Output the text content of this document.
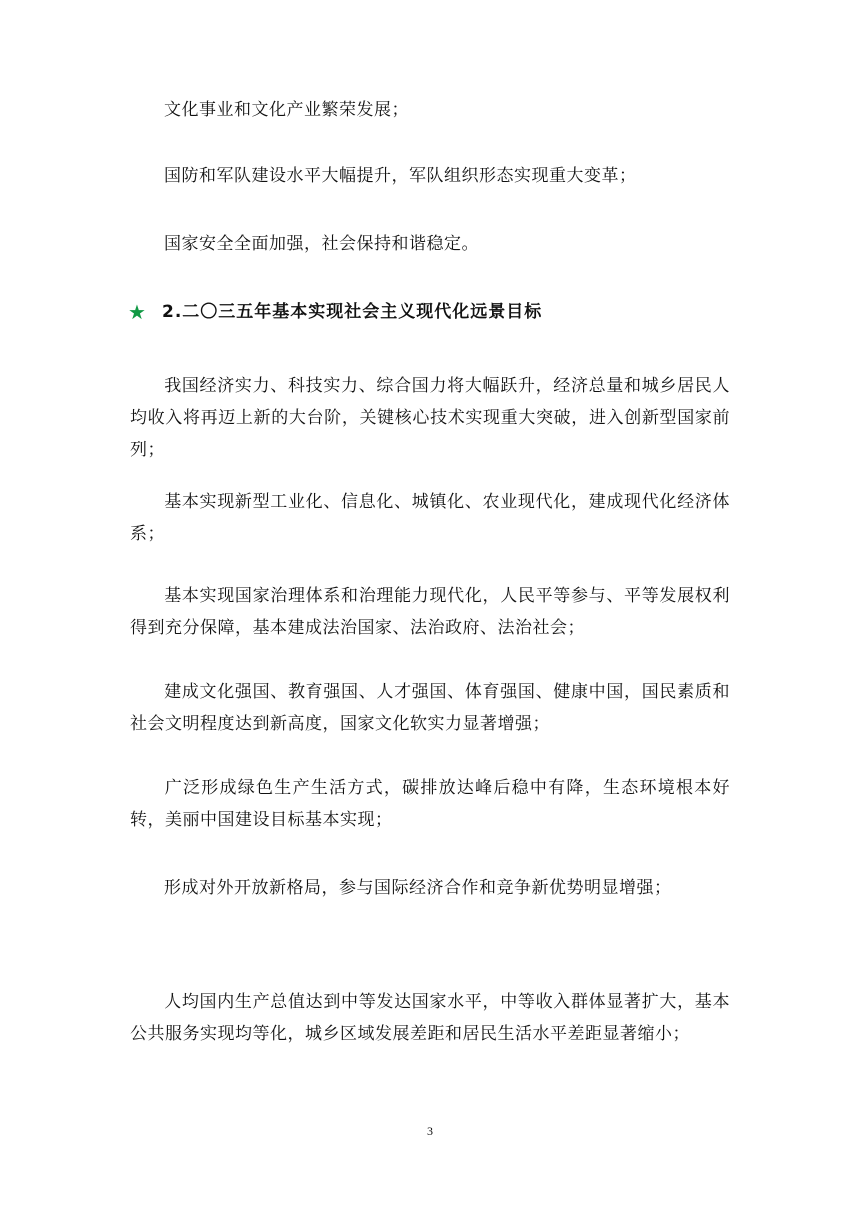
文化事业和文化产业繁荣发展；

国防和军队建设水平大幅提升，军队组织形态实现重大变革；

国家安全全面加强，社会保持和谐稳定。

★ 2.二〇三五年基本实现社会主义现代化远景目标

我国经济实力、科技实力、综合国力将大幅跃升，经济总量和城乡居民人均收入将再迈上新的大台阶，关键核心技术实现重大突破，进入创新型国家前列；

基本实现新型工业化、信息化、城镇化、农业现代化，建成现代化经济体系；

基本实现国家治理体系和治理能力现代化，人民平等参与、平等发展权利得到充分保障，基本建成法治国家、法治政府、法治社会；

建成文化强国、教育强国、人才强国、体育强国、健康中国，国民素质和社会文明程度达到新高度，国家文化软实力显著增强；

广泛形成绿色生产生活方式，碳排放达峰后稳中有降，生态环境根本好转，美丽中国建设目标基本实现；

形成对外开放新格局，参与国际经济合作和竞争新优势明显增强；

人均国内生产总值达到中等发达国家水平，中等收入群体显著扩大，基本公共服务实现均等化，城乡区域发展差距和居民生活水平差距显著缩小；

3
